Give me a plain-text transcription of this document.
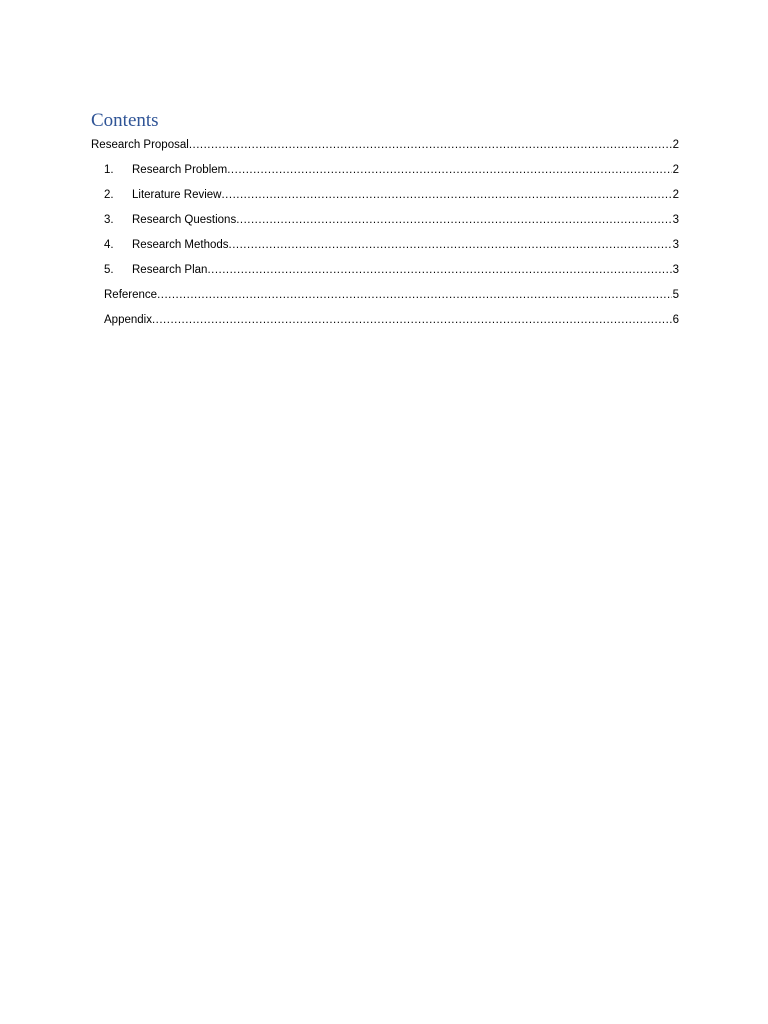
Contents
Research Proposal .....	2
1.	Research Problem .....	2
2.	Literature Review .....	2
3.	Research Questions .....	3
4.	Research Methods .....	3
5.	Research Plan .....	3
Reference .....	5
Appendix .....	6
